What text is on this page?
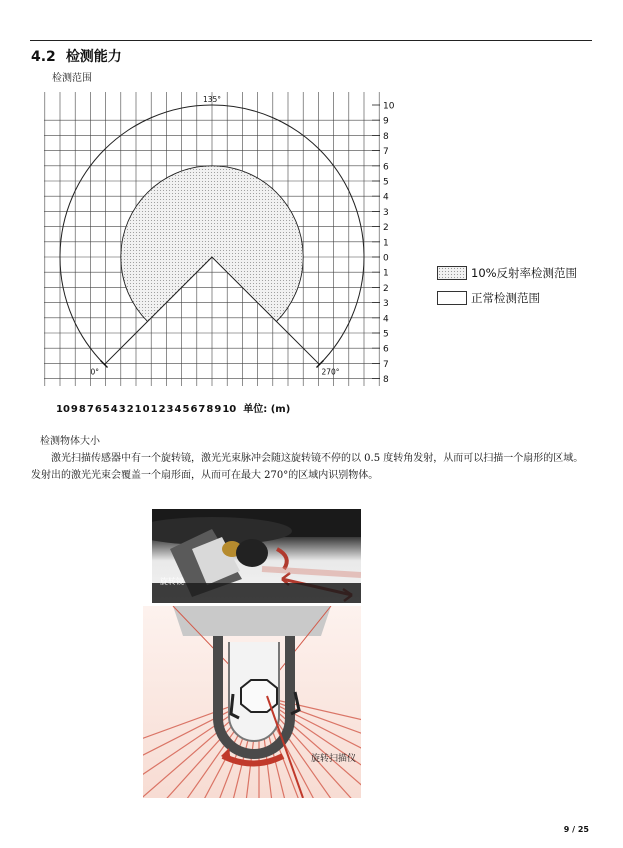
4.2 检测能力
检测范围
10
9
8
7
6
5
4
3
2
1
0
1
2
3
4
5
6
7
8
135°
0°	270°
10987654321012345678910 单位: (m)
10%反射率检测范围
正常检测范围
检测物体大小
激光扫描传感器中有一个旋转镜，激光光束脉冲会随这旋转镜不停的以 0.5 度转角发射，从而可以扫描一个扇形的区域。发射出的激光光束会覆盖一个扇形面，从而可在最大 270°的区域内识别物体。
旋转镜
旋转扫描仪
9 / 25
